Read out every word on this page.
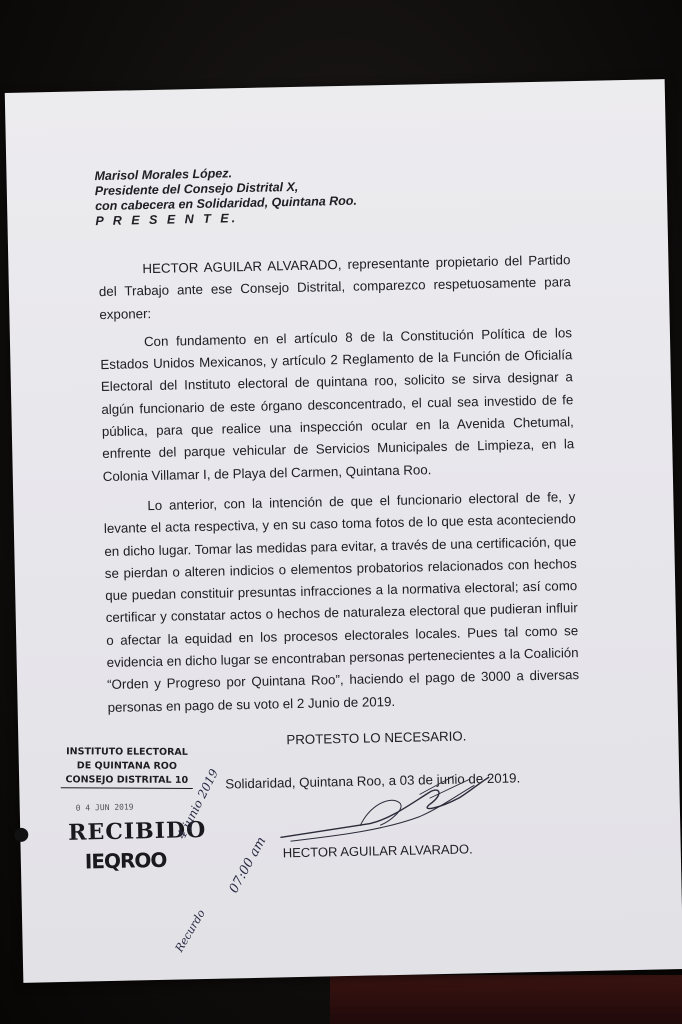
Marisol Morales López.
Presidente del Consejo Distrital X,
con cabecera en Solidaridad, Quintana Roo.
P R E S E N T E.

HECTOR AGUILAR ALVARADO, representante propietario del Partido del Trabajo ante ese Consejo Distrital, comparezco respetuosamente para exponer:

Con fundamento en el artículo 8 de la Constitución Política de los Estados Unidos Mexicanos, y artículo 2 Reglamento de la Función de Oficialía Electoral del Instituto electoral de quintana roo, solicito se sirva designar a algún funcionario de este órgano desconcentrado, el cual sea investido de fe pública, para que realice una inspección ocular en la Avenida Chetumal, enfrente del parque vehicular de Servicios Municipales de Limpieza, en la Colonia Villamar I, de Playa del Carmen, Quintana Roo.

Lo anterior, con la intención de que el funcionario electoral de fe, y levante el acta respectiva, y en su caso toma fotos de lo que esta aconteciendo en dicho lugar. Tomar las medidas para evitar, a través de una certificación, que se pierdan o alteren indicios o elementos probatorios relacionados con hechos que puedan constituir presuntas infracciones a la normativa electoral; así como certificar y constatar actos o hechos de naturaleza electoral que pudieran influir o afectar la equidad en los procesos electorales locales. Pues tal como se evidencia en dicho lugar se encontraban personas pertenecientes a la Coalición “Orden y Progreso por Quintana Roo”, haciendo el pago de 3000 a diversas personas en pago de su voto el 2 Junio de 2019.

PROTESTO LO NECESARIO.
Solidaridad, Quintana Roo, a 03 de junio de 2019.
HECTOR AGUILAR ALVARADO.
INSTITUTO ELECTORAL
DE QUINTANA ROO
CONSEJO DISTRITAL 10
0 4 JUN 2019
RECIBIDO
IEQROO
4 junio 2019
07:00 am
Recurdo
